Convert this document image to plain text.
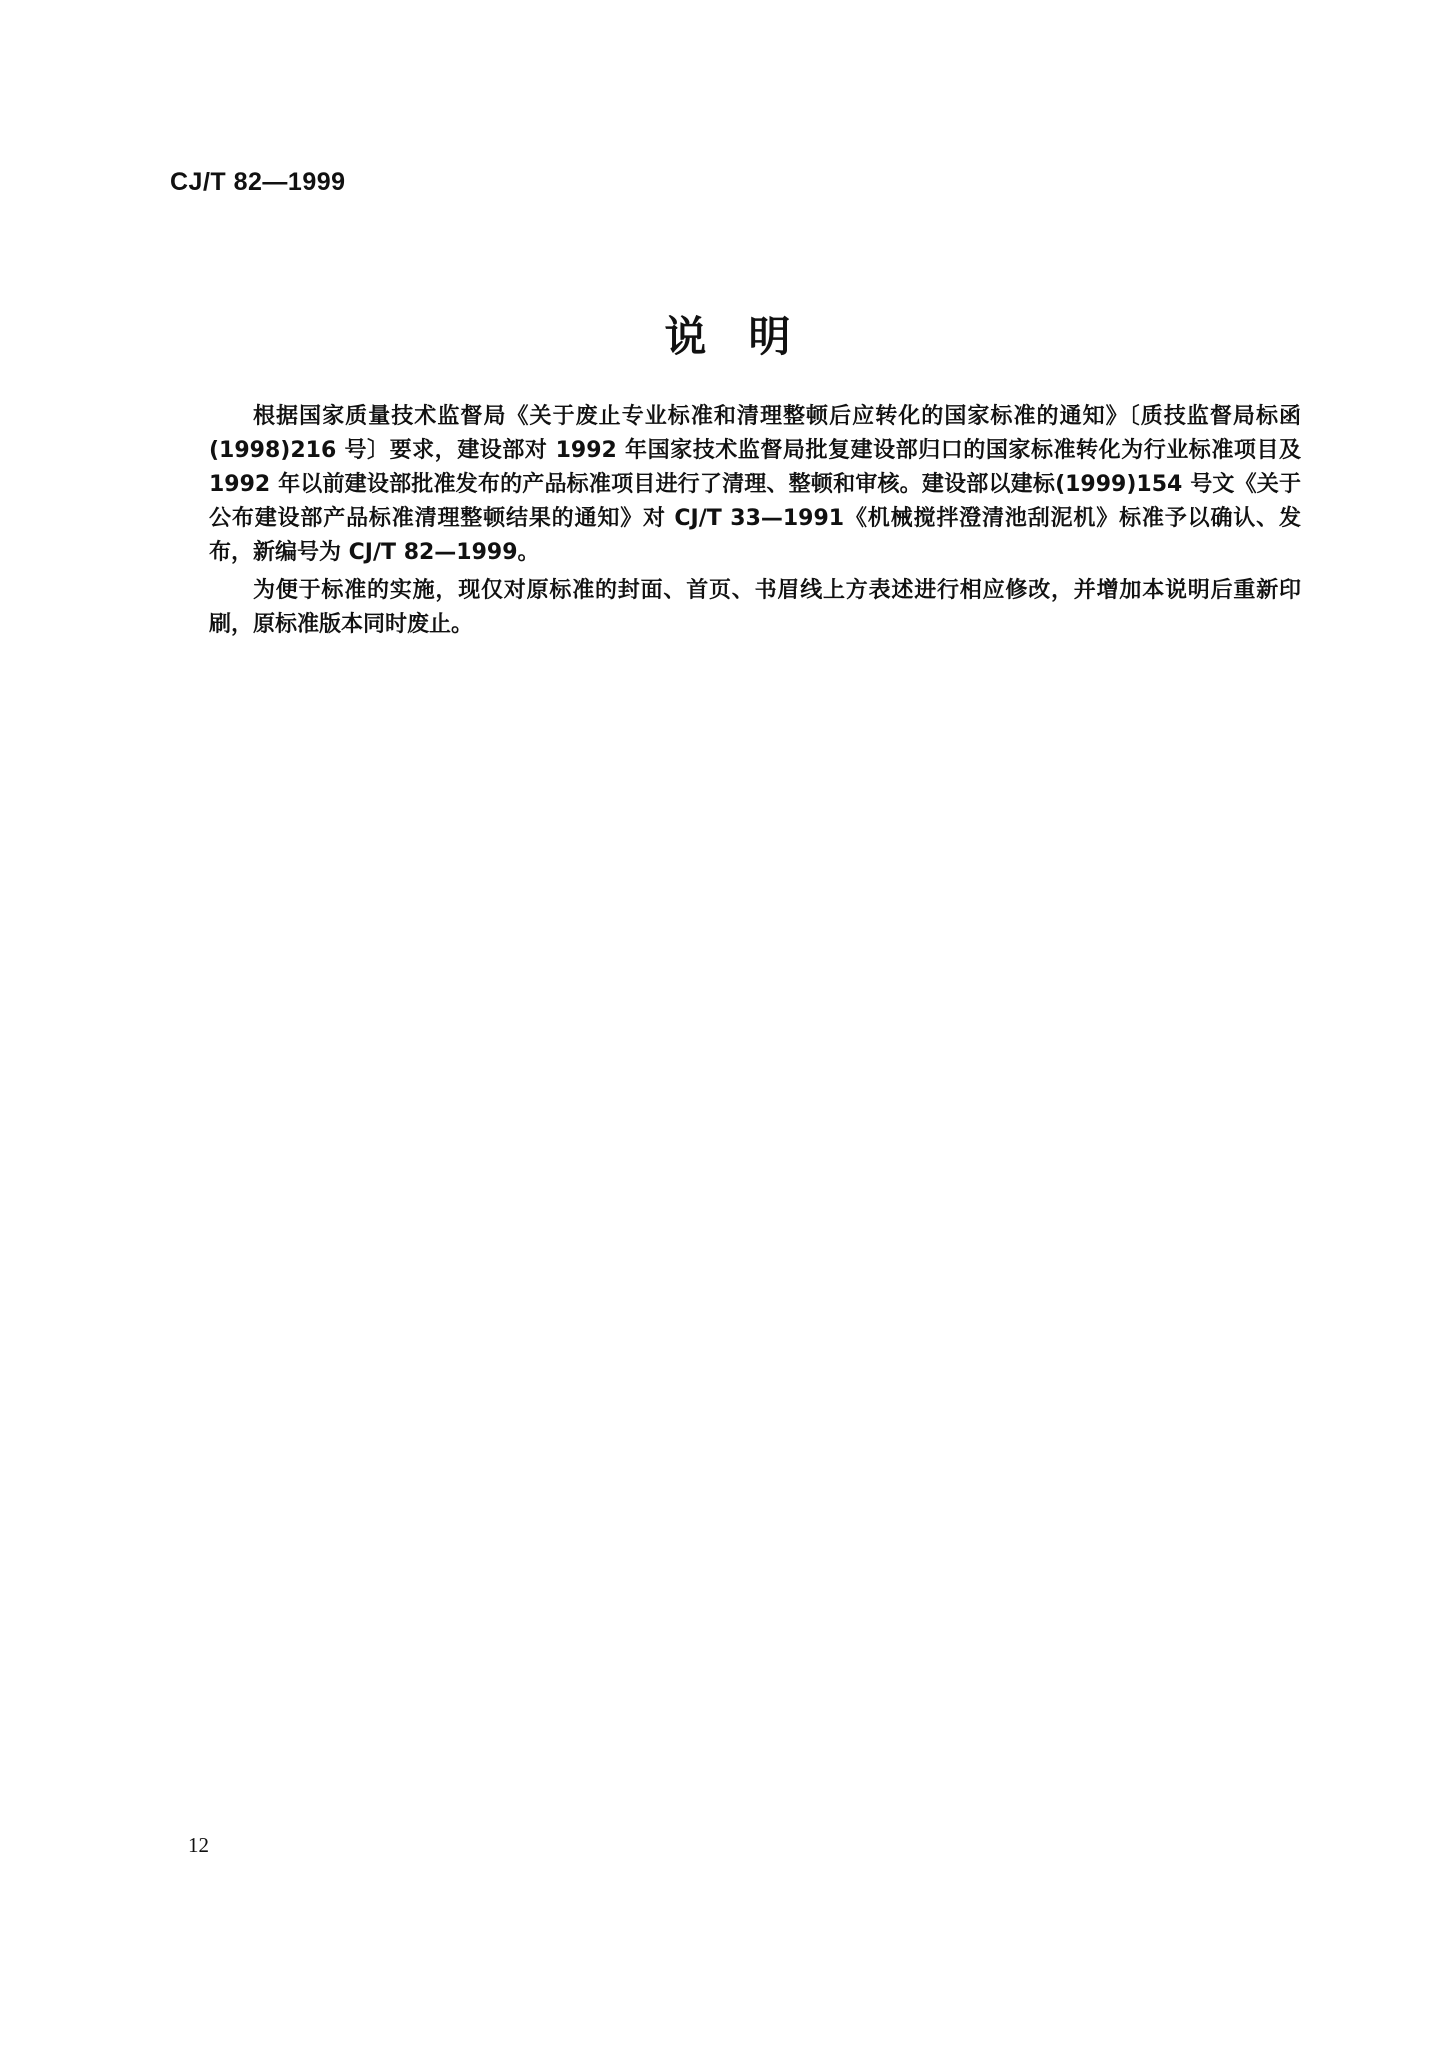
CJ/T 82—1999
说　明

根据国家质量技术监督局《关于废止专业标准和清理整顿后应转化的国家标准的通知》〔质技监督局标函(1998)216 号〕要求，建设部对 1992 年国家技术监督局批复建设部归口的国家标准转化为行业标准项目及 1992 年以前建设部批准发布的产品标准项目进行了清理、整顿和审核。建设部以建标(1999)154 号文《关于公布建设部产品标准清理整顿结果的通知》对 CJ/T 33—1991《机械搅拌澄清池刮泥机》标准予以确认、发布，新编号为 CJ/T 82—1999。

为便于标准的实施，现仅对原标准的封面、首页、书眉线上方表述进行相应修改，并增加本说明后重新印刷，原标准版本同时废止。

12
